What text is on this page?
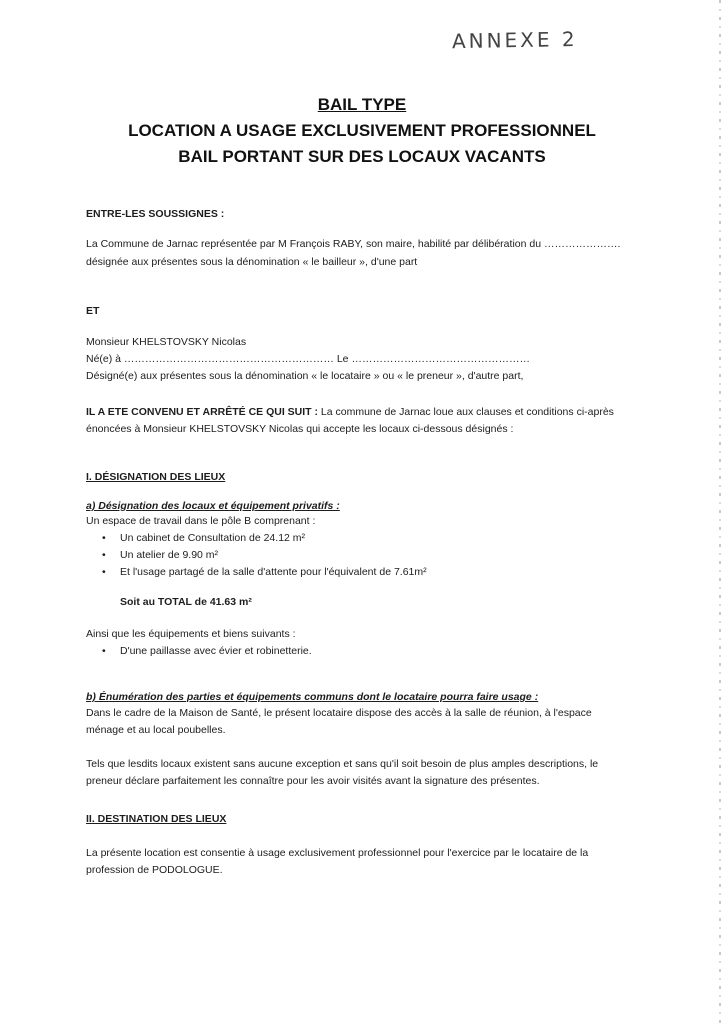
ANNEXE 2
BAIL TYPE
LOCATION A USAGE EXCLUSIVEMENT PROFESSIONNEL
BAIL PORTANT SUR DES LOCAUX VACANTS
ENTRE-LES SOUSSIGNES :
La Commune de Jarnac représentée par M François RABY, son maire, habilité par délibération du ………………….
désignée aux présentes sous la dénomination « le bailleur », d'une part
ET
Monsieur KHELSTOVSKY Nicolas
Né(e) à …………………………………………………… Le ……………………………………………
Désigné(e) aux présentes sous la dénomination « le locataire » ou « le preneur », d'autre part,
IL A ETE CONVENU ET ARRÊTÉ CE QUI SUIT : La commune de Jarnac loue aux clauses et conditions ci-après
énoncées à Monsieur KHELSTOVSKY Nicolas qui accepte les locaux ci-dessous désignés :
I. DÉSIGNATION DES LIEUX
a) Désignation des locaux et équipement privatifs :
Un espace de travail dans le pôle B comprenant :
•	Un cabinet de Consultation de 24.12 m²
•	Un atelier de 9.90 m²
•	Et l'usage partagé de la salle d'attente pour l'équivalent de 7.61m²
Soit au TOTAL de 41.63 m²
Ainsi que les équipements et biens suivants :
•	D'une paillasse avec évier et robinetterie.
b) Énumération des parties et équipements communs dont le locataire pourra faire usage :
Dans le cadre de la Maison de Santé, le présent locataire dispose des accès à la salle de réunion, à l'espace
ménage et au local poubelles.
Tels que lesdits locaux existent sans aucune exception et sans qu'il soit besoin de plus amples descriptions, le
preneur déclare parfaitement les connaître pour les avoir visités avant la signature des présentes.
II. DESTINATION DES LIEUX
La présente location est consentie à usage exclusivement professionnel pour l'exercice par le locataire de la
profession de PODOLOGUE.
